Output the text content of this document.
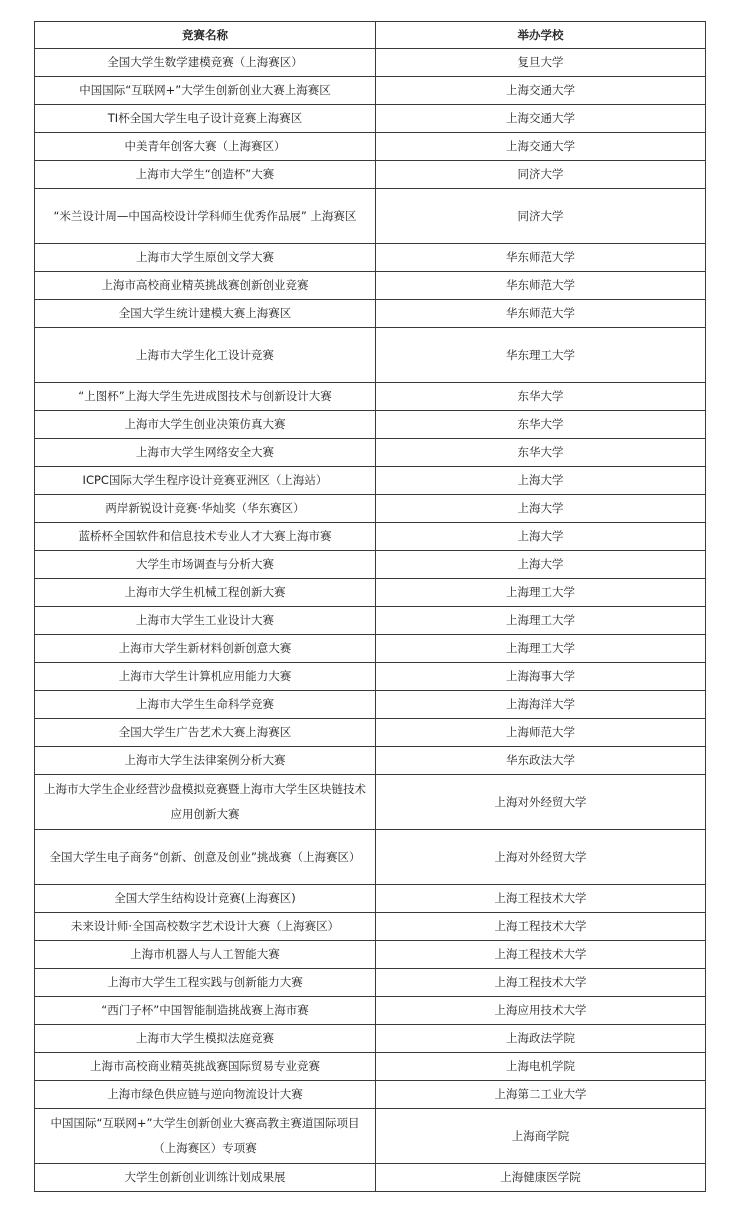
竞赛名称	举办学校
全国大学生数学建模竞赛（上海赛区）	复旦大学
中国国际“互联网+”大学生创新创业大赛上海赛区	上海交通大学
TI杯全国大学生电子设计竞赛上海赛区	上海交通大学
中美青年创客大赛（上海赛区）	上海交通大学
上海市大学生“创造杯”大赛	同济大学
“米兰设计周—中国高校设计学科师生优秀作品展” 上海赛区	同济大学
上海市大学生原创文学大赛	华东师范大学
上海市高校商业精英挑战赛创新创业竞赛	华东师范大学
全国大学生统计建模大赛上海赛区	华东师范大学
上海市大学生化工设计竞赛	华东理工大学
“上图杯”上海大学生先进成图技术与创新设计大赛	东华大学
上海市大学生创业决策仿真大赛	东华大学
上海市大学生网络安全大赛	东华大学
ICPC国际大学生程序设计竞赛亚洲区（上海站）	上海大学
两岸新锐设计竞赛·华灿奖（华东赛区）	上海大学
蓝桥杯全国软件和信息技术专业人才大赛上海市赛	上海大学
大学生市场调查与分析大赛	上海大学
上海市大学生机械工程创新大赛	上海理工大学
上海市大学生工业设计大赛	上海理工大学
上海市大学生新材料创新创意大赛	上海理工大学
上海市大学生计算机应用能力大赛	上海海事大学
上海市大学生生命科学竞赛	上海海洋大学
全国大学生广告艺术大赛上海赛区	上海师范大学
上海市大学生法律案例分析大赛	华东政法大学
上海市大学生企业经营沙盘模拟竞赛暨上海市大学生区块链技术应用创新大赛	上海对外经贸大学
全国大学生电子商务“创新、创意及创业”挑战赛（上海赛区）	上海对外经贸大学
全国大学生结构设计竞赛(上海赛区)	上海工程技术大学
未来设计师·全国高校数字艺术设计大赛（上海赛区）	上海工程技术大学
上海市机器人与人工智能大赛	上海工程技术大学
上海市大学生工程实践与创新能力大赛	上海工程技术大学
“西门子杯”中国智能制造挑战赛上海市赛	上海应用技术大学
上海市大学生模拟法庭竞赛	上海政法学院
上海市高校商业精英挑战赛国际贸易专业竞赛	上海电机学院
上海市绿色供应链与逆向物流设计大赛	上海第二工业大学
中国国际“互联网+”大学生创新创业大赛高教主赛道国际项目（上海赛区）专项赛	上海商学院
大学生创新创业训练计划成果展	上海健康医学院
